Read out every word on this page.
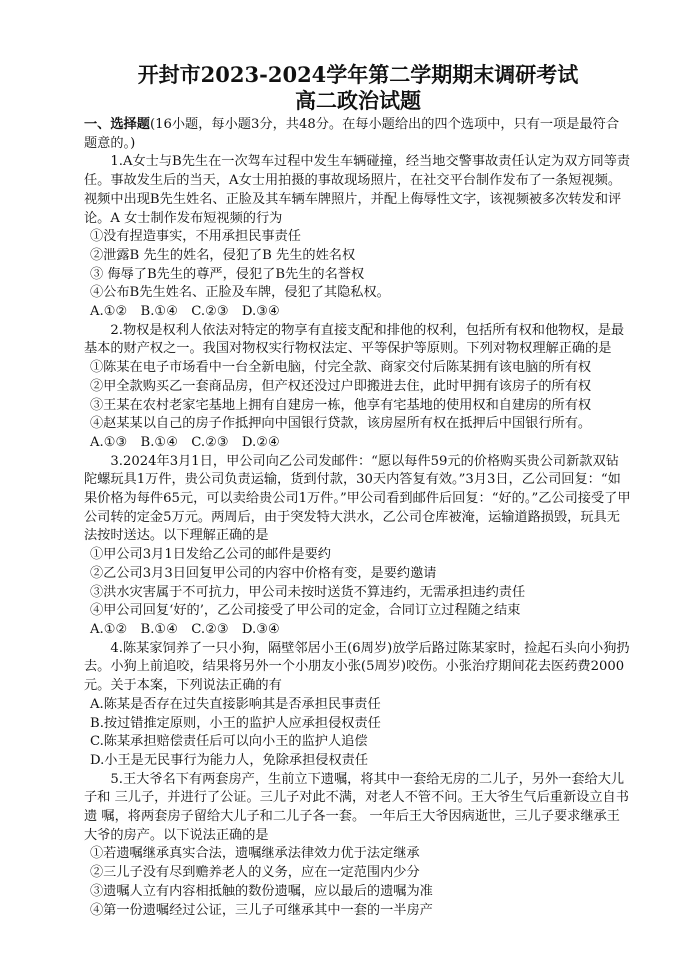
开封市2023-2024学年第二学期期末调研考试

高二政治试题

一、选择题(16小题，每小题3分，共48分。在每小题给出的四个选项中，只有一项是最符合题意的。)

1.A女士与B先生在一次驾车过程中发生车辆碰撞，经当地交警事故责任认定为双方同等责任。事故发生后的当天，A女士用拍摄的事故现场照片，在社交平台制作发布了一条短视频。视频中出现B先生姓名、正脸及其车辆车牌照片，并配上侮辱性文字，该视频被多次转发和评论。A 女士制作发布短视频的行为

①没有捏造事实，不用承担民事责任

②泄露B 先生的姓名，侵犯了B 先生的姓名权

③ 侮辱了B先生的尊严，侵犯了B先生的名誉权

④公布B先生姓名、正脸及车牌，侵犯了其隐私权。

A.①②　B.①④　C.②③　D.③④

2.物权是权利人依法对特定的物享有直接支配和排他的权利，包括所有权和他物权，是最基本的财产权之一。我国对物权实行物权法定、平等保护等原则。下列对物权理解正确的是

①陈某在电子市场看中一台全新电脑，付完全款、商家交付后陈某拥有该电脑的所有权

②甲全款购买乙一套商品房，但产权还没过户即搬进去住，此时甲拥有该房子的所有权

③王某在农村老家宅基地上拥有自建房一栋，他享有宅基地的使用权和自建房的所有权

④赵某某以自己的房子作抵押向中国银行贷款，该房屋所有权在抵押后中国银行所有。

A.①③　B.①④　C.②③　D.②④

3.2024年3月1日，甲公司向乙公司发邮件：“愿以每件59元的价格购买贵公司新款双钻陀螺玩具1万件，贵公司负责运输，货到付款，30天内答复有效。”3月3日，乙公司回复：“如果价格为每件65元，可以卖给贵公司1万件。”甲公司看到邮件后回复：“好的。”乙公司接受了甲公司转的定金5万元。两周后，由于突发特大洪水，乙公司仓库被淹，运输道路损毁，玩具无法按时送达。以下理解正确的是

①甲公司3月1日发给乙公司的邮件是要约

②乙公司3月3日回复甲公司的内容中价格有变，是要约邀请

③洪水灾害属于不可抗力，甲公司未按时送货不算违约，无需承担违约责任

④甲公司回复‘好的’，乙公司接受了甲公司的定金，合同订立过程随之结束

A.①②　B.①④　C.②③　D.③④

4.陈某家饲养了一只小狗，隔壁邻居小王(6周岁)放学后路过陈某家时，捡起石头向小狗扔去。小狗上前追咬，结果将另外一个小朋友小张(5周岁)咬伤。小张治疗期间花去医药费2000元。关于本案，下列说法正确的有

A.陈某是否存在过失直接影响其是否承担民事责任

B.按过错推定原则，小王的监护人应承担侵权责任

C.陈某承担赔偿责任后可以向小王的监护人追偿

D.小王是无民事行为能力人，免除承担侵权责任

5.王大爷名下有两套房产，生前立下遗嘱，将其中一套给无房的二儿子，另外一套给大儿子和 三儿子，并进行了公证。三儿子对此不满，对老人不管不问。王大爷生气后重新设立自书遗 嘱，将两套房子留给大儿子和二儿子各一套。 一年后王大爷因病逝世，三儿子要求继承王大爷的房产。以下说法正确的是

①若遗嘱继承真实合法，遗嘱继承法律效力优于法定继承

②三儿子没有尽到赡养老人的义务，应在一定范围内少分

③遗嘱人立有内容相抵触的数份遗嘱，应以最后的遗嘱为准

④第一份遗嘱经过公证，三儿子可继承其中一套的一半房产
